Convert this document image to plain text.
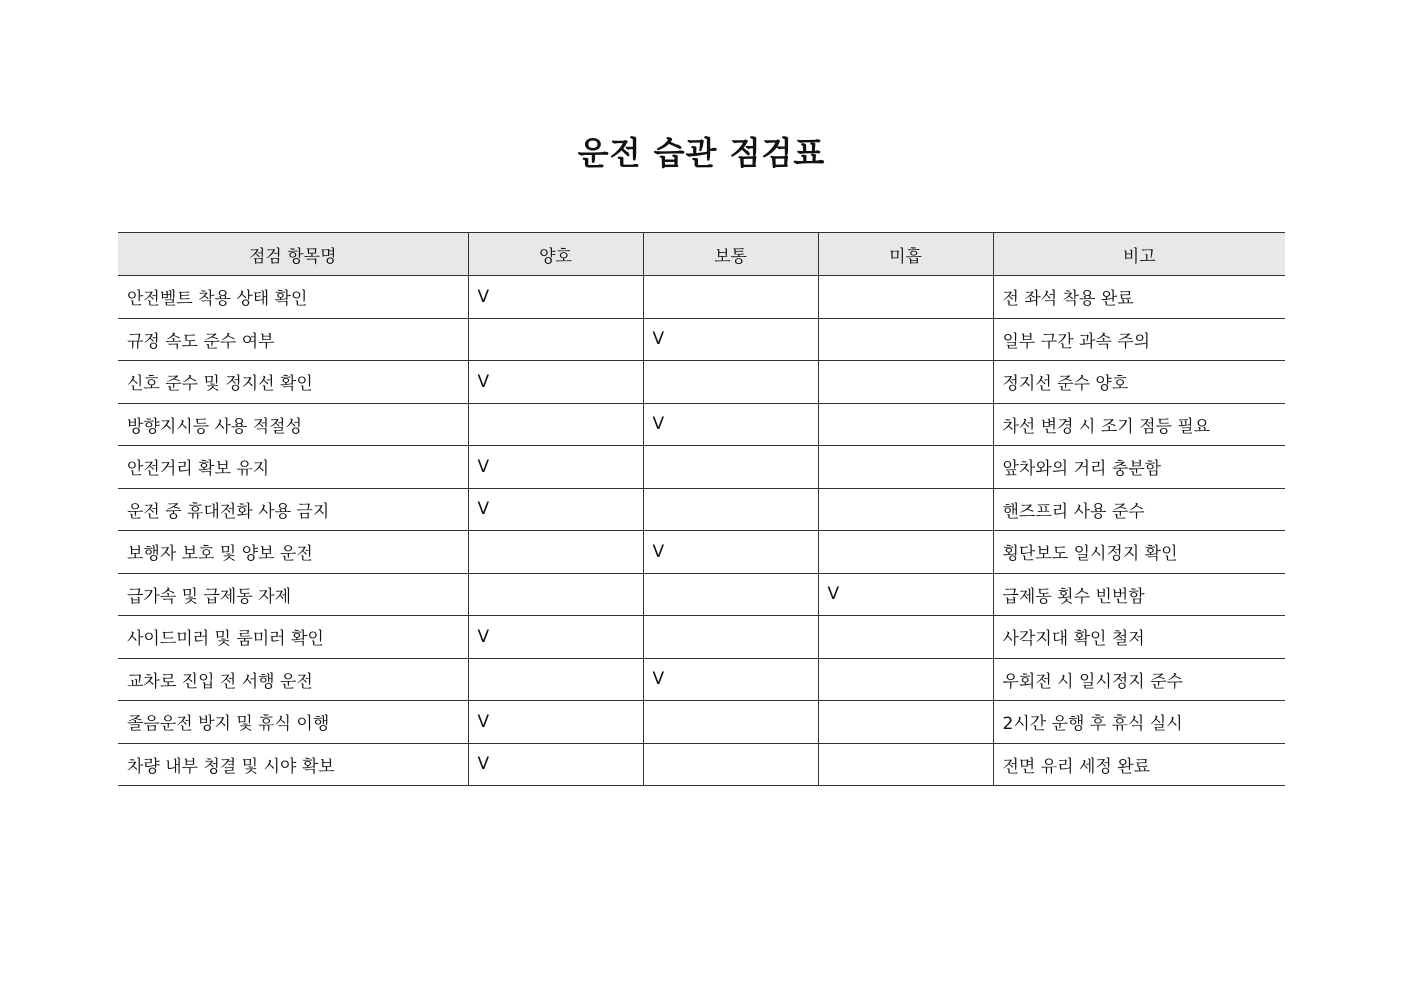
운전 습관 점검표
점검 항목명	양호	보통	미흡	비고
안전벨트 착용 상태 확인	V			전 좌석 착용 완료
규정 속도 준수 여부		V		일부 구간 과속 주의
신호 준수 및 정지선 확인	V			정지선 준수 양호
방향지시등 사용 적절성		V		차선 변경 시 조기 점등 필요
안전거리 확보 유지	V			앞차와의 거리 충분함
운전 중 휴대전화 사용 금지	V			핸즈프리 사용 준수
보행자 보호 및 양보 운전		V		횡단보도 일시정지 확인
급가속 및 급제동 자제			V	급제동 횟수 빈번함
사이드미러 및 룸미러 확인	V			사각지대 확인 철저
교차로 진입 전 서행 운전		V		우회전 시 일시정지 준수
졸음운전 방지 및 휴식 이행	V			2시간 운행 후 휴식 실시
차량 내부 청결 및 시야 확보	V			전면 유리 세정 완료
